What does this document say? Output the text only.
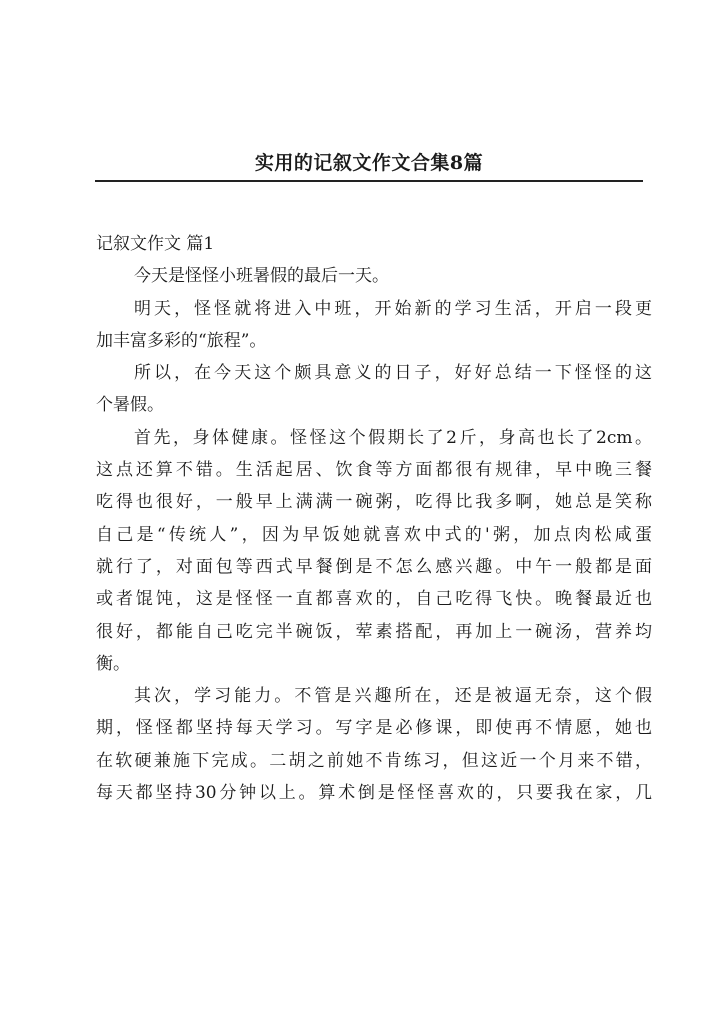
实用的记叙文作文合集8篇
记叙文作文 篇1

今天是怪怪小班暑假的最后一天。

明天，怪怪就将进入中班，开始新的学习生活，开启一段更
加丰富多彩的“旅程”。

所以，在今天这个颇具意义的日子，好好总结一下怪怪的这
个暑假。

首先，身体健康。怪怪这个假期长了2斤，身高也长了2cm。
这点还算不错。生活起居、饮食等方面都很有规律，早中晚三餐
吃得也很好，一般早上满满一碗粥，吃得比我多啊，她总是笑称
自己是“传统人”，因为早饭她就喜欢中式的'粥，加点肉松咸蛋
就行了，对面包等西式早餐倒是不怎么感兴趣。中午一般都是面
或者馄饨，这是怪怪一直都喜欢的，自己吃得飞快。晚餐最近也
很好，都能自己吃完半碗饭，荤素搭配，再加上一碗汤，营养均
衡。

其次，学习能力。不管是兴趣所在，还是被逼无奈，这个假
期，怪怪都坚持每天学习。写字是必修课，即使再不情愿，她也
在软硬兼施下完成。二胡之前她不肯练习，但这近一个月来不错，
每天都坚持30分钟以上。算术倒是怪怪喜欢的，只要我在家，几
